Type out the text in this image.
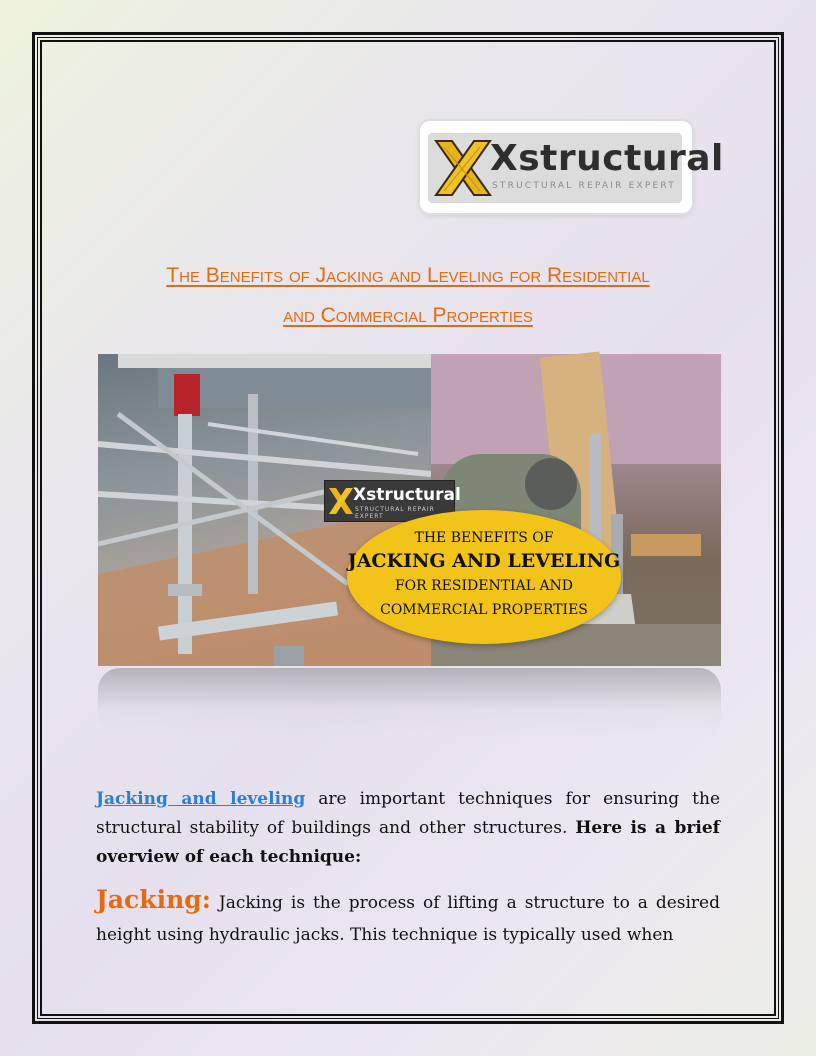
Xstructural
STRUCTURAL REPAIR EXPERT
The Benefits of Jacking and Leveling for Residential
and Commercial Properties
Xstructural
STRUCTURAL REPAIR EXPERT
THE BENEFITS OF
JACKING AND LEVELING
FOR RESIDENTIAL AND
COMMERCIAL PROPERTIES
Jacking and leveling are important techniques for ensuring the structural stability of buildings and other structures. Here is a brief overview of each technique:
Jacking: Jacking is the process of lifting a structure to a desired height using hydraulic jacks. This technique is typically used when
